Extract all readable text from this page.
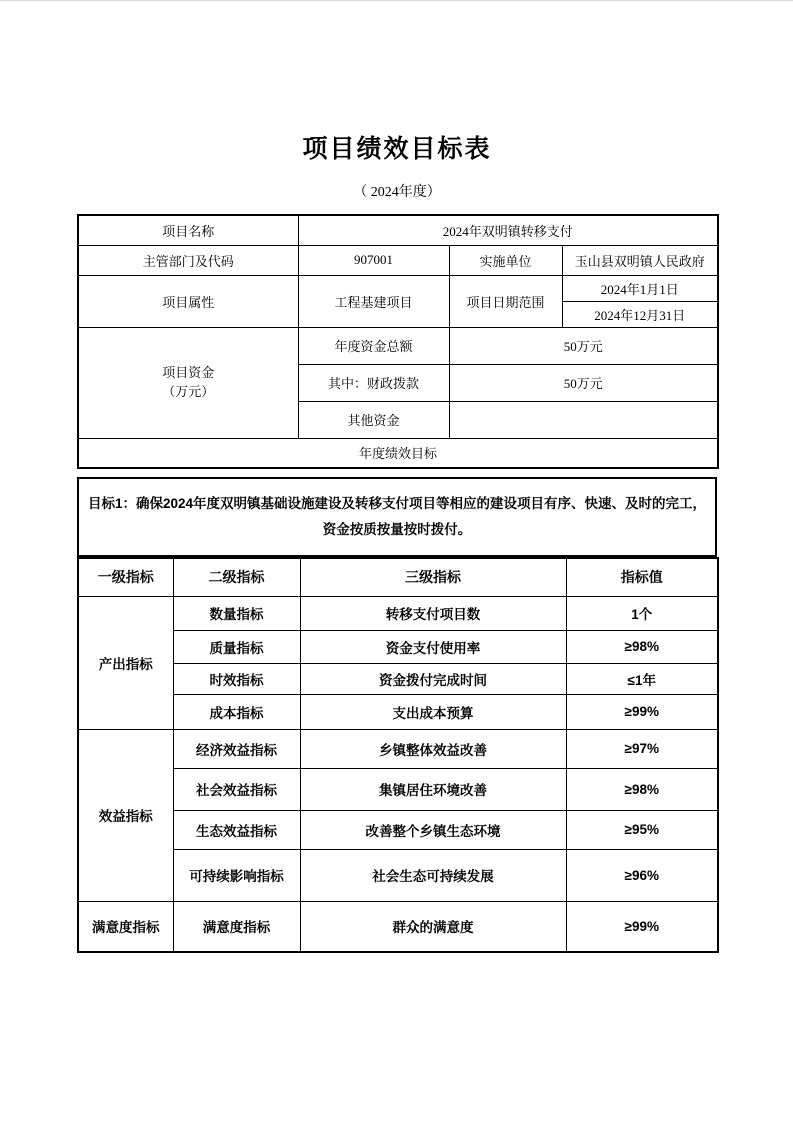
项目绩效目标表
（ 2024年度）
项目名称	2024年双明镇转移支付		
主管部门及代码	907001	实施单位	玉山县双明镇人民政府
项目属性	工程基建项目	项目日期范围	2024年1月1日
			2024年12月31日

项目资金
（万元）	年度资金总额	50万元	
	其中：财政拨款	50万元	
	其他资金		
年度绩效目标			
目标1：确保2024年度双明镇基础设施建设及转移支付项目等相应的建设项目有序、快速、及时的完工，资金按质按量按时拨付。
一级指标	二级指标	三级指标	指标值
产出指标	数量指标	转移支付项目数	1个
	质量指标	资金支付使用率	≥98%
	时效指标	资金拨付完成时间	≤1年
	成本指标	支出成本预算	≥99%
效益指标	经济效益指标	乡镇整体效益改善	≥97%
	社会效益指标	集镇居住环境改善	≥98%
	生态效益指标	改善整个乡镇生态环境	≥95%
	可持续影响指标	社会生态可持续发展	≥96%
满意度指标	满意度指标	群众的满意度	≥99%
